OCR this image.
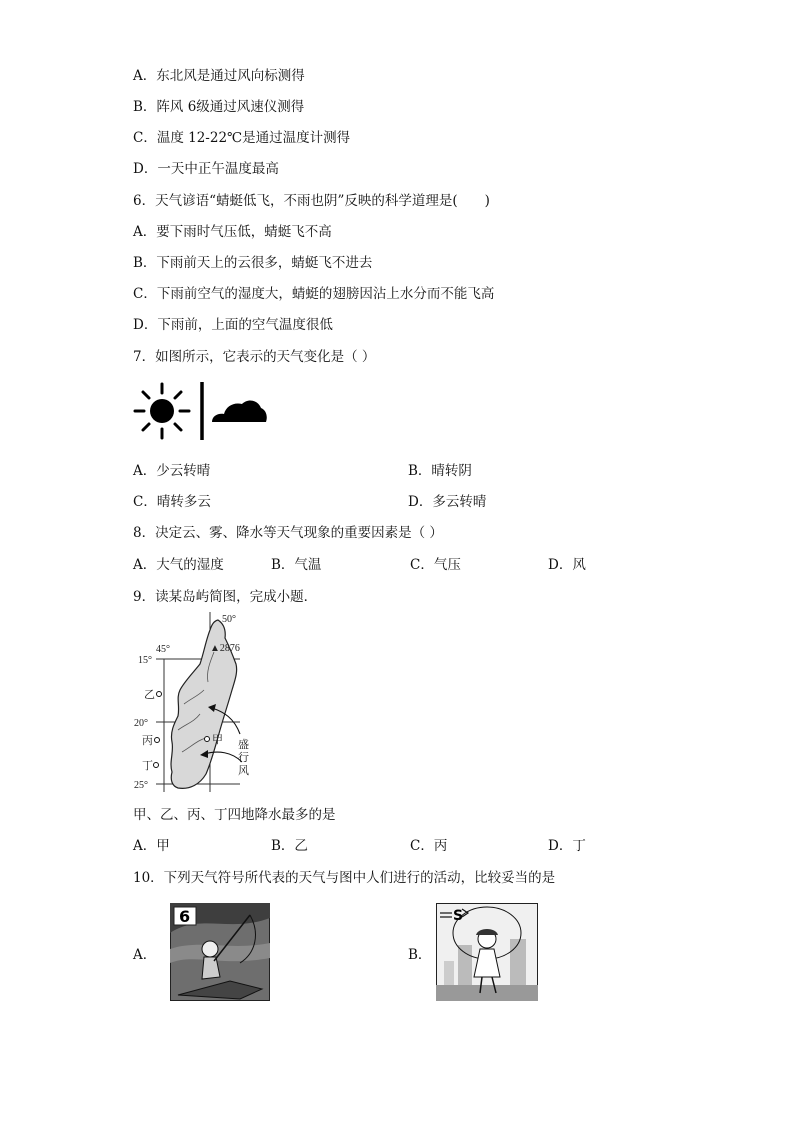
A．东北风是通过风向标测得
B．阵风 6级通过风速仪测得
C．温度 12-22℃是通过温度计测得
D．一天中正午温度最高
6．天气谚语“蜻蜓低飞，不雨也阴”反映的科学道理是(　　)
A．要下雨时气压低，蜻蜓飞不高
B．下雨前天上的云很多，蜻蜓飞不进去
C．下雨前空气的湿度大，蜻蜓的翅膀因沾上水分而不能飞高
D．下雨前，上面的空气温度很低
7．如图所示，它表示的天气变化是（ ）
A．少云转晴	B．晴转阴
C．晴转多云	D．多云转晴
8．决定云、雾、降水等天气现象的重要因素是（ ）
A．大气的湿度	B．气温	C．气压	D．风
9．读某岛屿简图，完成小题．
45°
50°
15°
20°
25°
▲2876
乙
甲
丙
丁
盛
行
风
甲、乙、丙、丁四地降水最多的是
A．甲	B．乙	C．丙	D．丁
10．下列天气符号所代表的天气与图中人们进行的活动，比较妥当的是
A．
6
B．
S
